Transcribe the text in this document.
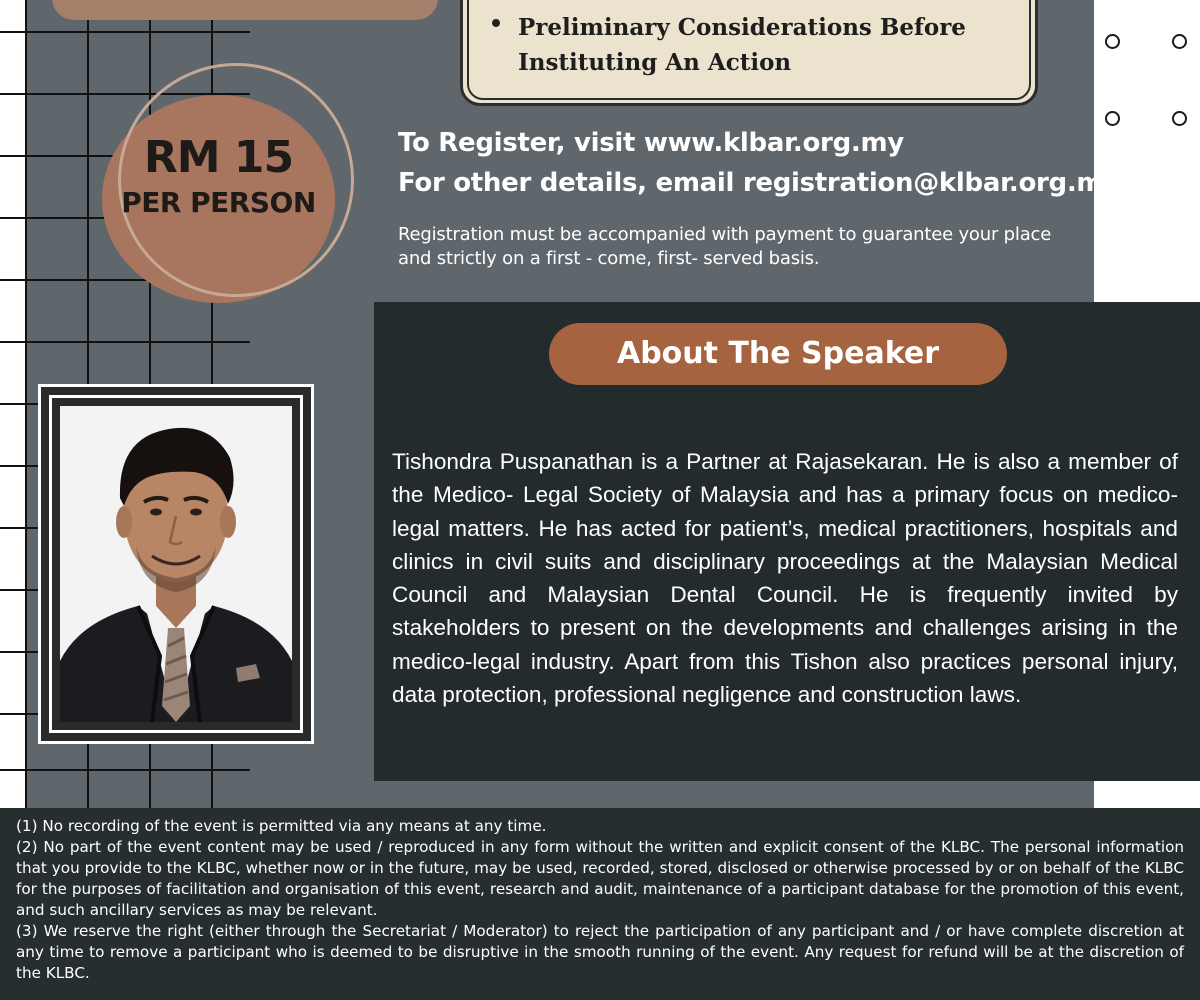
Preliminary Considerations Before Instituting An Action
RM 15
PER PERSON
To Register, visit www.klbar.org.my
For other details, email registration@klbar.org.my
Registration must be accompanied with payment to guarantee your place and strictly on a first - come, first- served basis.
About The Speaker
Tishondra Puspanathan is a Partner at Rajasekaran. He is also a member of the Medico- Legal Society of Malaysia and has a primary focus on medico-legal matters. He has acted for patient’s, medical practitioners, hospitals and clinics in civil suits and disciplinary proceedings at the Malaysian Medical Council and Malaysian Dental Council. He is frequently invited by stakeholders to present on the developments and challenges arising in the medico-legal industry. Apart from this Tishon also practices personal injury, data protection, professional negligence and construction laws.

(1) No recording of the event is permitted via any means at any time.

(2) No part of the event content may be used / reproduced in any form without the written and explicit consent of the KLBC. The personal information that you provide to the KLBC, whether now or in the future, may be used, recorded, stored, disclosed or otherwise processed by or on behalf of the KLBC for the purposes of facilitation and organisation of this event, research and audit, maintenance of a participant database for the promotion of this event, and such ancillary services as may be relevant.

(3) We reserve the right (either through the Secretariat / Moderator) to reject the participation of any participant and / or have complete discretion at any time to remove a participant who is deemed to be disruptive in the smooth running of the event. Any request for refund will be at the discretion of the KLBC.
